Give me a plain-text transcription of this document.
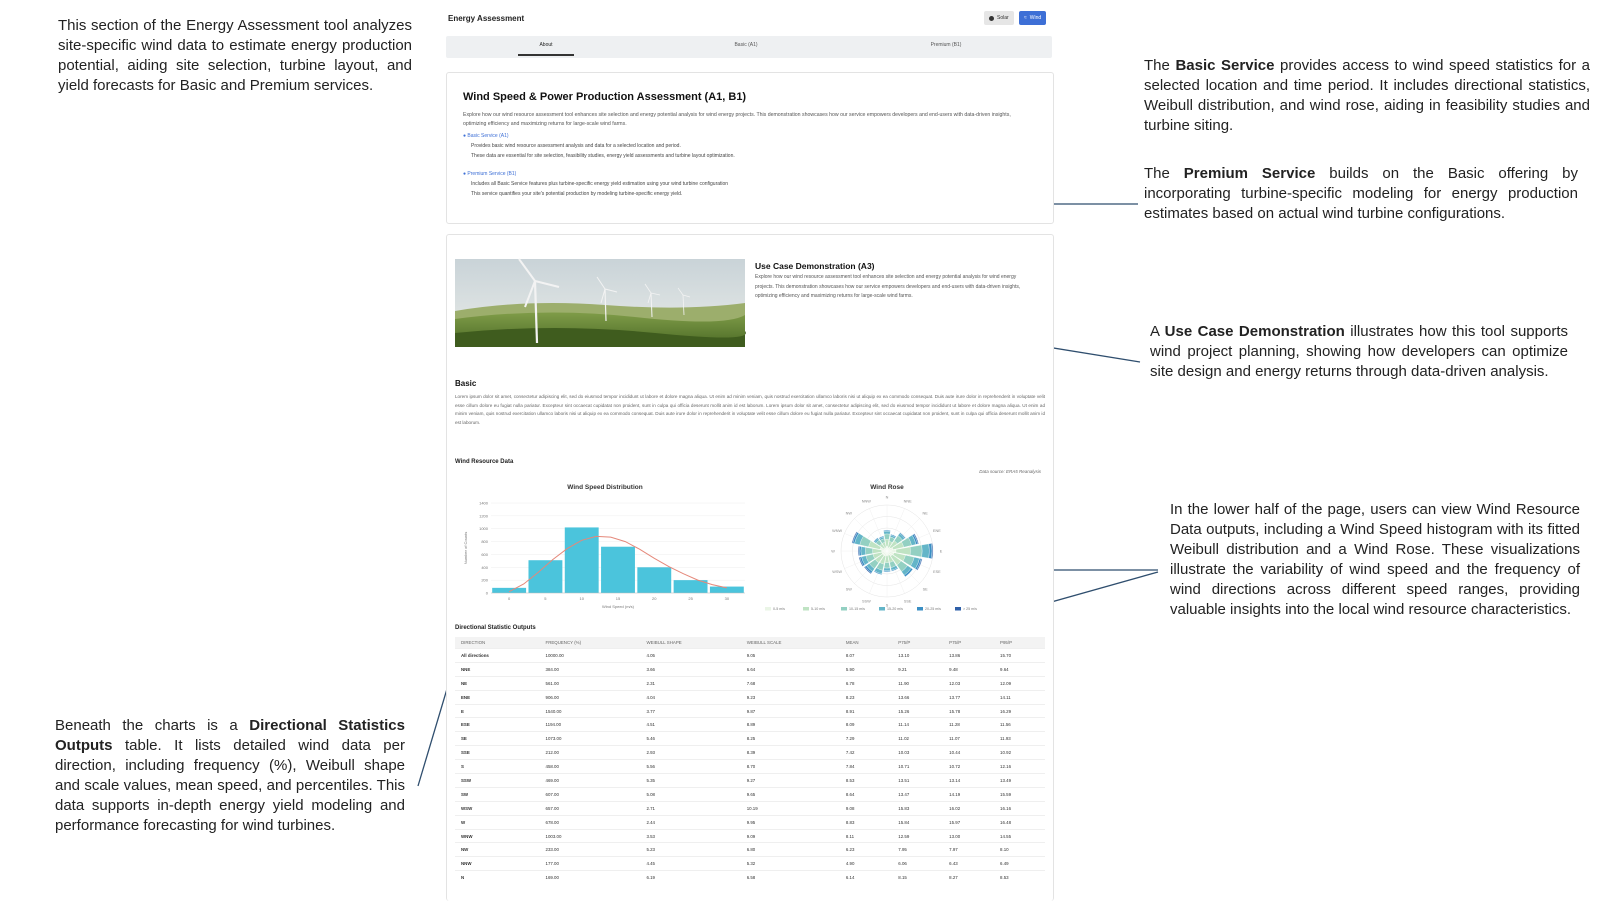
This section of the Energy Assessment tool analyzes site-specific wind data to estimate energy production potential, aiding site selection, turbine layout, and yield forecasts for Basic and Premium services.
The Basic Service provides access to wind speed statistics for a selected location and time period. It includes directional statistics, Weibull distribution, and wind rose, aiding in feasibility studies and turbine siting.
The Premium Service builds on the Basic offering by incorporating turbine-specific modeling for energy production estimates based on actual wind turbine configurations.
A Use Case Demonstration illustrates how this tool supports wind project planning, showing how developers can optimize site design and energy returns through data-driven analysis.
In the lower half of the page, users can view Wind Resource Data outputs, including a Wind Speed histogram with its fitted Weibull distribution and a Wind Rose. These visualizations illustrate the variability of wind speed and the frequency of wind directions across different speed ranges, providing valuable insights into the local wind resource characteristics.
Beneath the charts is a Directional Statistics Outputs table. It lists detailed wind data per direction, including frequency (%), Weibull shape and scale values, mean speed, and percentiles. This data supports in-depth energy yield modeling and performance forecasting for wind turbines.
Energy Assessment	Solar	≈ Wind
About	Basic (A1)	Premium (B1)
Wind Speed & Power Production Assessment (A1, B1)
Explore how our wind resource assessment tool enhances site selection and energy potential analysis for wind energy projects. This demonstration showcases how our service empowers developers and end-users with data-driven insights, optimizing efficiency and maximizing returns for large-scale wind farms.
● Basic Service (A1)
Provides basic wind resource assessment analysis and data for a selected location and period.
These data are essential for site selection, feasibility studies, energy yield assessments and turbine layout optimization.
● Premium Service (B1)
Includes all Basic Service features plus turbine-specific energy yield estimation using your wind turbine configuration
This service quantifies your site's potential production by modeling turbine-specific energy yield.
Use Case Demonstration (A3)
Explore how our wind resource assessment tool enhances site selection and energy potential analysis for wind energy projects. This demonstration showcases how our service empowers developers and end-users with data-driven insights, optimizing efficiency and maximizing returns for large-scale wind farms.
Basic
Lorem ipsum dolor sit amet, consectetur adipiscing elit, sed do eiusmod tempor incididunt ut labore et dolore magna aliqua. Ut enim ad minim veniam, quis nostrud exercitation ullamco laboris nisi ut aliquip ex ea commodo consequat. Duis aute irure dolor in reprehenderit in voluptate velit esse cillum dolore eu fugiat nulla pariatur. Excepteur sint occaecat cupidatat non proident, sunt in culpa qui officia deserunt mollit anim id est laborum. Lorem ipsum dolor sit amet, consectetur adipiscing elit, sed do eiusmod tempor incididunt ut labore et dolore magna aliqua. Ut enim ad minim veniam, quis nostrud exercitation ullamco laboris nisi ut aliquip ex ea commodo consequat. Duis aute irure dolor in reprehenderit in voluptate velit esse cillum dolore eu fugiat nulla pariatur. Excepteur sint occaecat cupidatat non proident, sunt in culpa qui officia deserunt mollit anim id est laborum.
Wind Resource Data
Data source: ERA5 Reanalysis
Wind Speed Distribution
0
200
400
600
800
1000
1200
1400
0	5	10	15	20	25	30
Wind Speed (m/s)
Number of Counts
Wind Rose
N
NNE
NE
ENE
E
ESE
SE
SSE
S
SSW
SW
WSW
W
WNW
NW
NNW
0-5 m/s	5-10 m/s	10-15 m/s	15-20 m/s	20-25 m/s	> 25 m/s
Directional Statistic Outputs
DIRECTION	FREQUENCY (%)	WEIBULL SHAPE	WEIBULL SCALE	MEAN	P75/P	P75/P	P95/P
All directions	10000.00	4.05	9.05	8.07	13.10	13.86	15.70
NNE	384.00	3.66	6.64	5.90	9.21	9.48	9.64
NE	561.00	2.31	7.68	6.78	11.90	12.03	12.09
ENE	906.00	4.04	9.23	8.23	13.66	13.77	14.11
E	1540.00	3.77	9.87	8.91	15.26	15.78	16.29
ESE	1194.00	4.51	8.89	8.09	11.14	11.28	11.56
SE	1073.00	5.46	8.25	7.29	11.02	11.07	11.93
SSE	212.00	2.93	8.39	7.42	10.03	10.44	10.92
S	458.00	5.56	8.70	7.84	10.71	10.72	12.16
SSW	469.00	5.35	9.27	8.53	13.51	13.14	13.49
SW	607.00	5.08	9.65	8.64	13.47	14.19	15.59
WSW	657.00	2.71	10.19	9.08	15.83	16.02	16.16
W	678.00	2.44	9.95	8.83	15.84	15.97	16.48
WNW	1003.00	3.53	9.09	8.11	12.59	13.00	14.55
NW	233.00	5.23	6.80	6.23	7.95	7.97	8.10
NNW	177.00	4.45	5.32	4.90	6.06	6.43	6.49
N	169.00	6.19	6.58	6.14	8.15	8.27	8.53
